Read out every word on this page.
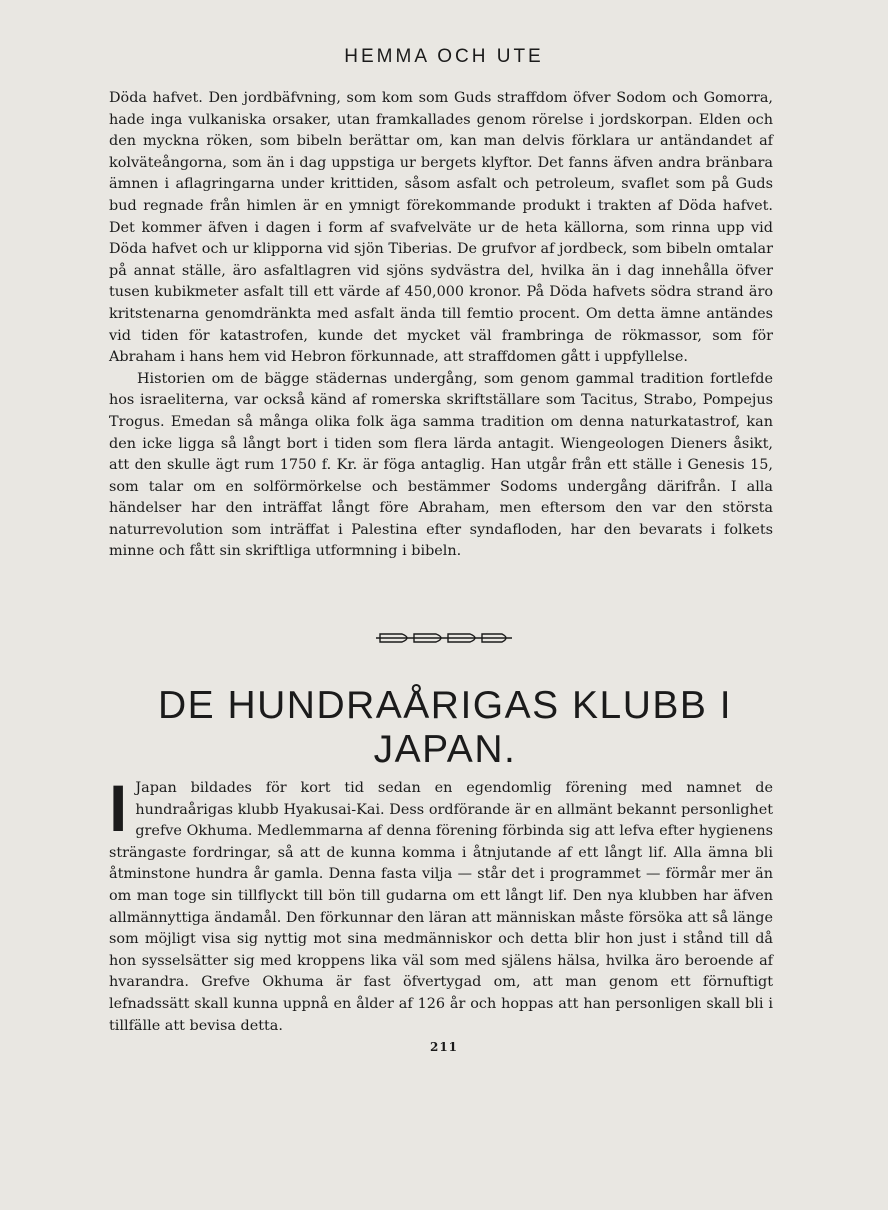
HEMMA OCH UTE

Döda hafvet. Den jordbäfvning, som kom som Guds straffdom öfver Sodom och Gomorra, hade inga vulkaniska orsaker, utan framkallades genom rörelse i jordskorpan. Elden och den myckna röken, som bibeln berättar om, kan man delvis förklara ur antändandet af kolväteångorna, som än i dag uppstiga ur bergets klyftor. Det fanns äfven andra bränbara ämnen i aflagringarna under krittiden, såsom asfalt och petroleum, svaflet som på Guds bud regnade från himlen är en ymnigt förekommande produkt i trakten af Döda hafvet. Det kommer äfven i dagen i form af svafvelväte ur de heta källorna, som rinna upp vid Döda hafvet och ur klipporna vid sjön Tiberias. De grufvor af jordbeck, som bibeln omtalar på annat ställe, äro asfaltlagren vid sjöns sydvästra del, hvilka än i dag innehålla öfver tusen kubikmeter asfalt till ett värde af 450,000 kronor. På Döda hafvets södra strand äro kritstenarna genomdränkta med asfalt ända till femtio procent. Om detta ämne antändes vid tiden för katastrofen, kunde det mycket väl frambringa de rökmassor, som för Abraham i hans hem vid Hebron förkunnade, att straffdomen gått i uppfyllelse.

Historien om de bägge städernas undergång, som genom gammal tradition fortlefde hos israeliterna, var också känd af romerska skriftställare som Tacitus, Strabo, Pompejus Trogus. Emedan så många olika folk äga samma tradition om denna naturkatastrof, kan den icke ligga så långt bort i tiden som flera lärda antagit. Wiengeologen Dieners åsikt, att den skulle ägt rum 1750 f. Kr. är föga antaglig. Han utgår från ett ställe i Genesis 15, som talar om en solförmörkelse och bestämmer Sodoms undergång därifrån. I alla händelser har den inträffat långt före Abraham, men eftersom den var den största naturrevolution som inträffat i Palestina efter syndafloden, har den bevarats i folkets minne och fått sin skriftliga utformning i bibeln.

DE HUNDRAÅRIGAS KLUBB I JAPAN.
I Japan bildades för kort tid sedan en egendomlig förening med namnet de hundraårigas klubb Hyakusai-Kai. Dess ordförande är en allmänt bekannt personlighet grefve Okhuma. Medlemmarna af denna förening förbinda sig att lefva efter hygienens strängaste fordringar, så att de kunna komma i åtnjutande af ett långt lif. Alla ämna bli åtminstone hundra år gamla. Denna fasta vilja — står det i programmet — förmår mer än om man toge sin tillflyckt till bön till gudarna om ett långt lif. Den nya klubben har äfven allmännyttiga ändamål. Den förkunnar den läran att människan måste försöka att så länge som möjligt visa sig nyttig mot sina medmänniskor och detta blir hon just i stånd till då hon sysselsätter sig med kroppens lika väl som med själens hälsa, hvilka äro beroende af hvarandra. Grefve Okhuma är fast öfvertygad om, att man genom ett förnuftigt lefnadssätt skall kunna uppnå en ålder af 126 år och hoppas att han personligen skall bli i tillfälle att bevisa detta.

211
